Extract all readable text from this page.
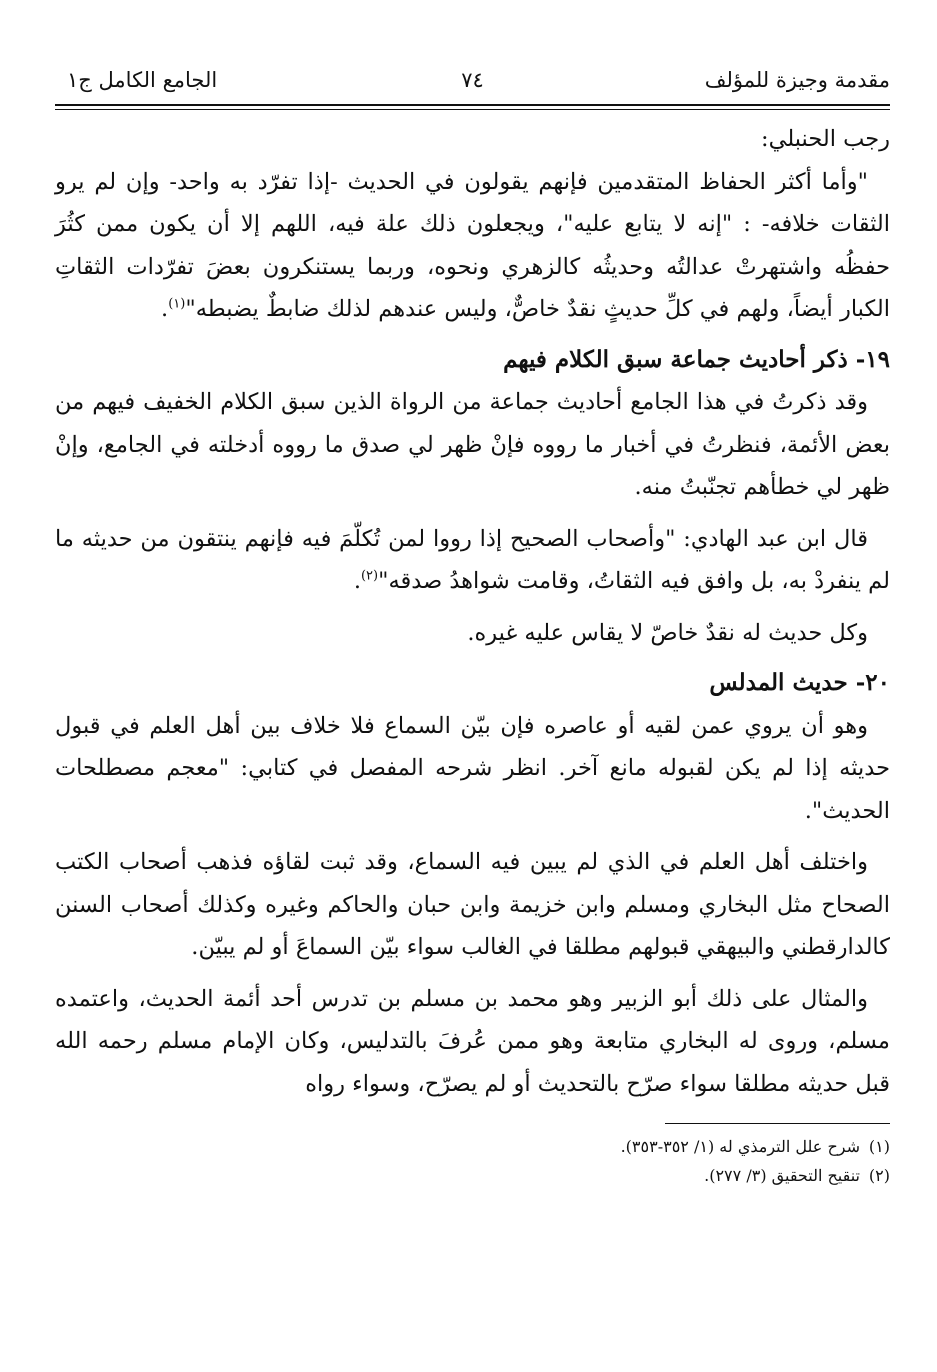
مقدمة وجيزة للمؤلف
٧٤
الجامع الكامل ج١

رجب الحنبلي:

"وأما أكثر الحفاظ المتقدمين فإنهم يقولون في الحديث -إذا تفرّد به واحد- وإن لم يرو الثقات خلافه- : "إنه لا يتابع عليه"، ويجعلون ذلك علة فيه، اللهم إلا أن يكون ممن كثُرَ حفظُه واشتهرتْ عدالتُه وحديثُه كالزهري ونحوه، وربما يستنكرون بعضَ تفرّدات الثقاتِ الكبار أيضاً، ولهم في كلِّ حديثٍ نقدٌ خاصٌّ، وليس عندهم لذلك ضابطٌ يضبطه"$^{(١)}$.

١٩- ذكر أحاديث جماعة سبق الكلام فيهم

وقد ذكرتُ في هذا الجامع أحاديث جماعة من الرواة الذين سبق الكلام الخفيف فيهم من بعض الأئمة، فنظرتُ في أخبار ما رووه فإنْ ظهر لي صدق ما رووه أدخلته في الجامع، وإنْ ظهر لي خطأهم تجنّبتُ منه.

قال ابن عبد الهادي: "وأصحاب الصحيح إذا رووا لمن تُكلّمَ فيه فإنهم ينتقون من حديثه ما لم ينفردْ به، بل وافق فيه الثقاتُ، وقامت شواهدُ صدقه"$^{(٢)}$.

وكل حديث له نقدٌ خاصّ لا يقاس عليه غيره.

٢٠- حديث المدلس

وهو أن يروي عمن لقيه أو عاصره فإن بيّن السماع فلا خلاف بين أهل العلم في قبول حديثه إذا لم يكن لقبوله مانع آخر. انظر شرحه المفصل في كتابي: "معجم مصطلحات الحديث".

واختلف أهل العلم في الذي لم يبين فيه السماع، وقد ثبت لقاؤه فذهب أصحاب الكتب الصحاح مثل البخاري ومسلم وابن خزيمة وابن حبان والحاكم وغيره وكذلك أصحاب السنن كالدارقطني والبيهقي قبولهم مطلقا في الغالب سواء بيّن السماعَ أو لم يبيّن.

والمثال على ذلك أبو الزبير وهو محمد بن مسلم بن تدرس أحد أئمة الحديث، واعتمده مسلم، وروى له البخاري متابعة وهو ممن عُرفَ بالتدليس، وكان الإمام مسلم رحمه الله قبل حديثه مطلقا سواء صرّح بالتحديث أو لم يصرّح، وسواء رواه

(١)شرح علل الترمذي له (١/ ٣٥٢-٣٥٣).

(٢)تنقيح التحقيق (٣/ ٢٧٧).
